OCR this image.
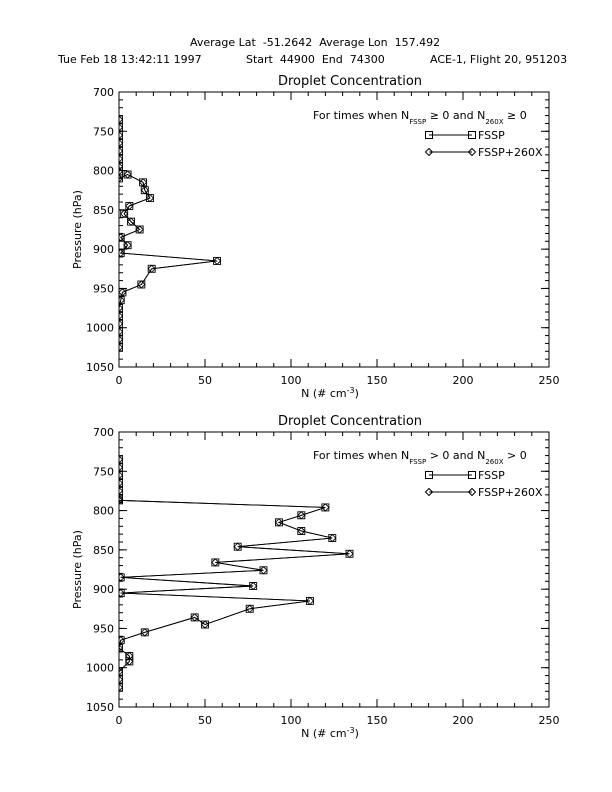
Average Lat  -51.2642  Average Lon  157.492
Tue Feb 18 13:42:11 1997	Start  44900  End  74300	ACE-1, Flight 20, 951203
Droplet Concentration
0	50	100	150	200	250
700
750
800
850
900
950
1000
1050
N (# $cm^{-3}$)
Pressure (hPa)
For times when $N_{FSSP} \ge 0$ and $N_{260X} \ge 0$
FSSP
FSSP+260X
Droplet Concentration
0	50	100	150	200	250
700
750
800
850
900
950
1000
1050
N (# $cm^{-3}$)
Pressure (hPa)
For times when $N_{FSSP} > 0$ and $N_{260X} > 0$
FSSP
FSSP+260X
